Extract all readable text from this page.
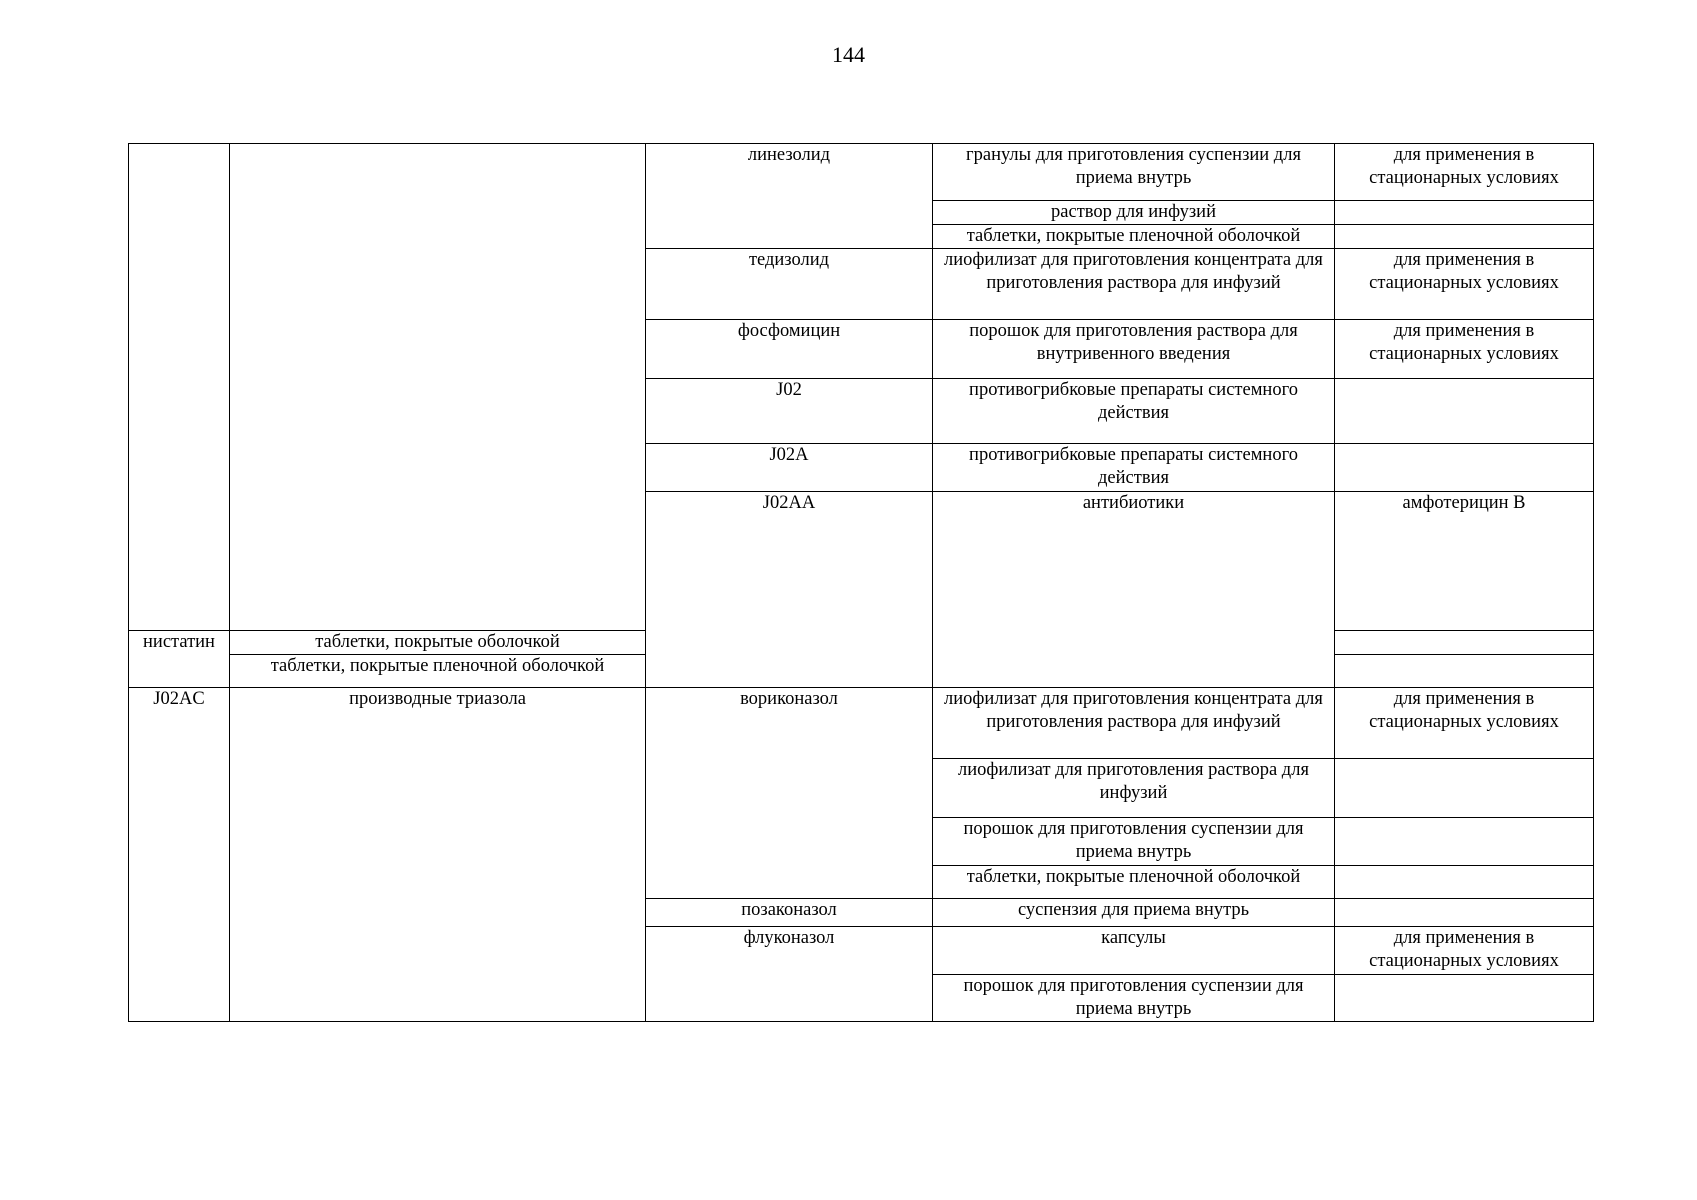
144
		линезолид	гранулы для приготовления суспензии для приема внутрь	для применения в стационарных условиях	
			раствор для инфузий		
			таблетки, покрытые пленочной оболочкой		
		тедизолид	лиофилизат для приготовления концентрата для приготовления раствора для инфузий	для применения в стационарных условиях	
		фосфомицин	порошок для приготовления раствора для внутривенного введения	для применения в стационарных условиях	
		J02	противогрибковые препараты системного действия			
		J02A	противогрибковые препараты системного действия			
		J02AA	антибиотики	амфотерицин B		
нистатин	таблетки, покрытые оболочкой				
	таблетки, покрытые пленочной оболочкой				
J02AC	производные триазола	вориконазол	лиофилизат для приготовления концентрата для приготовления раствора для инфузий	для применения в стационарных условиях	
			лиофилизат для приготовления раствора для инфузий		
			порошок для приготовления суспензии для приема внутрь		
			таблетки, покрытые пленочной оболочкой		
		позаконазол	суспензия для приема внутрь		
		флуконазол	капсулы	для применения в стационарных условиях	
			порошок для приготовления суспензии для приема внутрь		
